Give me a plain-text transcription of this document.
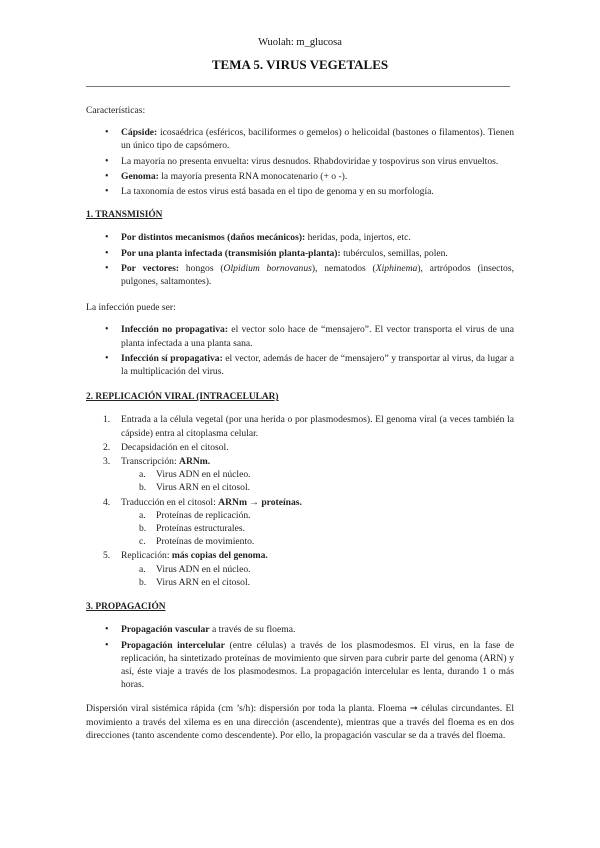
Wuolah: m_glucosa
TEMA 5. VIRUS VEGETALES

Características:

• Cápside: icosaédrica (esféricos, baciliformes o gemelos) o helicoidal (bastones o filamentos). Tienen un único tipo de capsómero.
• La mayoría no presenta envuelta: virus desnudos. Rhabdoviridae y tospovirus son virus envueltos.
• Genoma: la mayoría presenta RNA monocatenario (+ o -).
• La taxonomía de estos virus está basada en el tipo de genoma y en su morfología.

1. TRANSMISIÓN

• Por distintos mecanismos (daños mecánicos): heridas, poda, injertos, etc.
• Por una planta infectada (transmisión planta-planta): tubérculos, semillas, polen.
• Por vectores: hongos (Olpidium bornovanus), nematodos (Xiphinema), artrópodos (insectos, pulgones, saltamontes).

La infección puede ser:

• Infección no propagativa: el vector solo hace de “mensajero”. El vector transporta el virus de una planta infectada a una planta sana.
• Infección sí propagativa: el vector, además de hacer de “mensajero” y transportar al virus, da lugar a la multiplicación del virus.

2. REPLICACIÓN VIRAL (INTRACELULAR)

1. Entrada a la célula vegetal (por una herida o por plasmodesmos). El genoma viral (a veces también la cápside) entra al citoplasma celular.
2. Decapsidación en el citosol.
3. Transcripción: ARNm.
a. Virus ADN en el núcleo.
b. Virus ARN en el citosol.
4. Traducción en el citosol: ARNm → proteínas.
a. Proteínas de replicación.
b. Proteínas estructurales.
c. Proteínas de movimiento.
5. Replicación: más copias del genoma.
a. Virus ADN en el núcleo.
b. Virus ARN en el citosol.

3. PROPAGACIÓN

• Propagación vascular a través de su floema.
• Propagación intercelular (entre células) a través de los plasmodesmos. El virus, en la fase de replicación, ha sintetizado proteínas de movimiento que sirven para cubrir parte del genoma (ARN) y así, éste viaje a través de los plasmodesmos. La propagación intercelular es lenta, durando 1 o más horas.

Dispersión viral sistémica rápida (cm ’s/h): dispersión por toda la planta. Floema ➞ células circundantes. El movimiento a través del xilema es en una dirección (ascendente), mientras que a través del floema es en dos direcciones (tanto ascendente como descendente). Por ello, la propagación vascular se da a través del floema.
